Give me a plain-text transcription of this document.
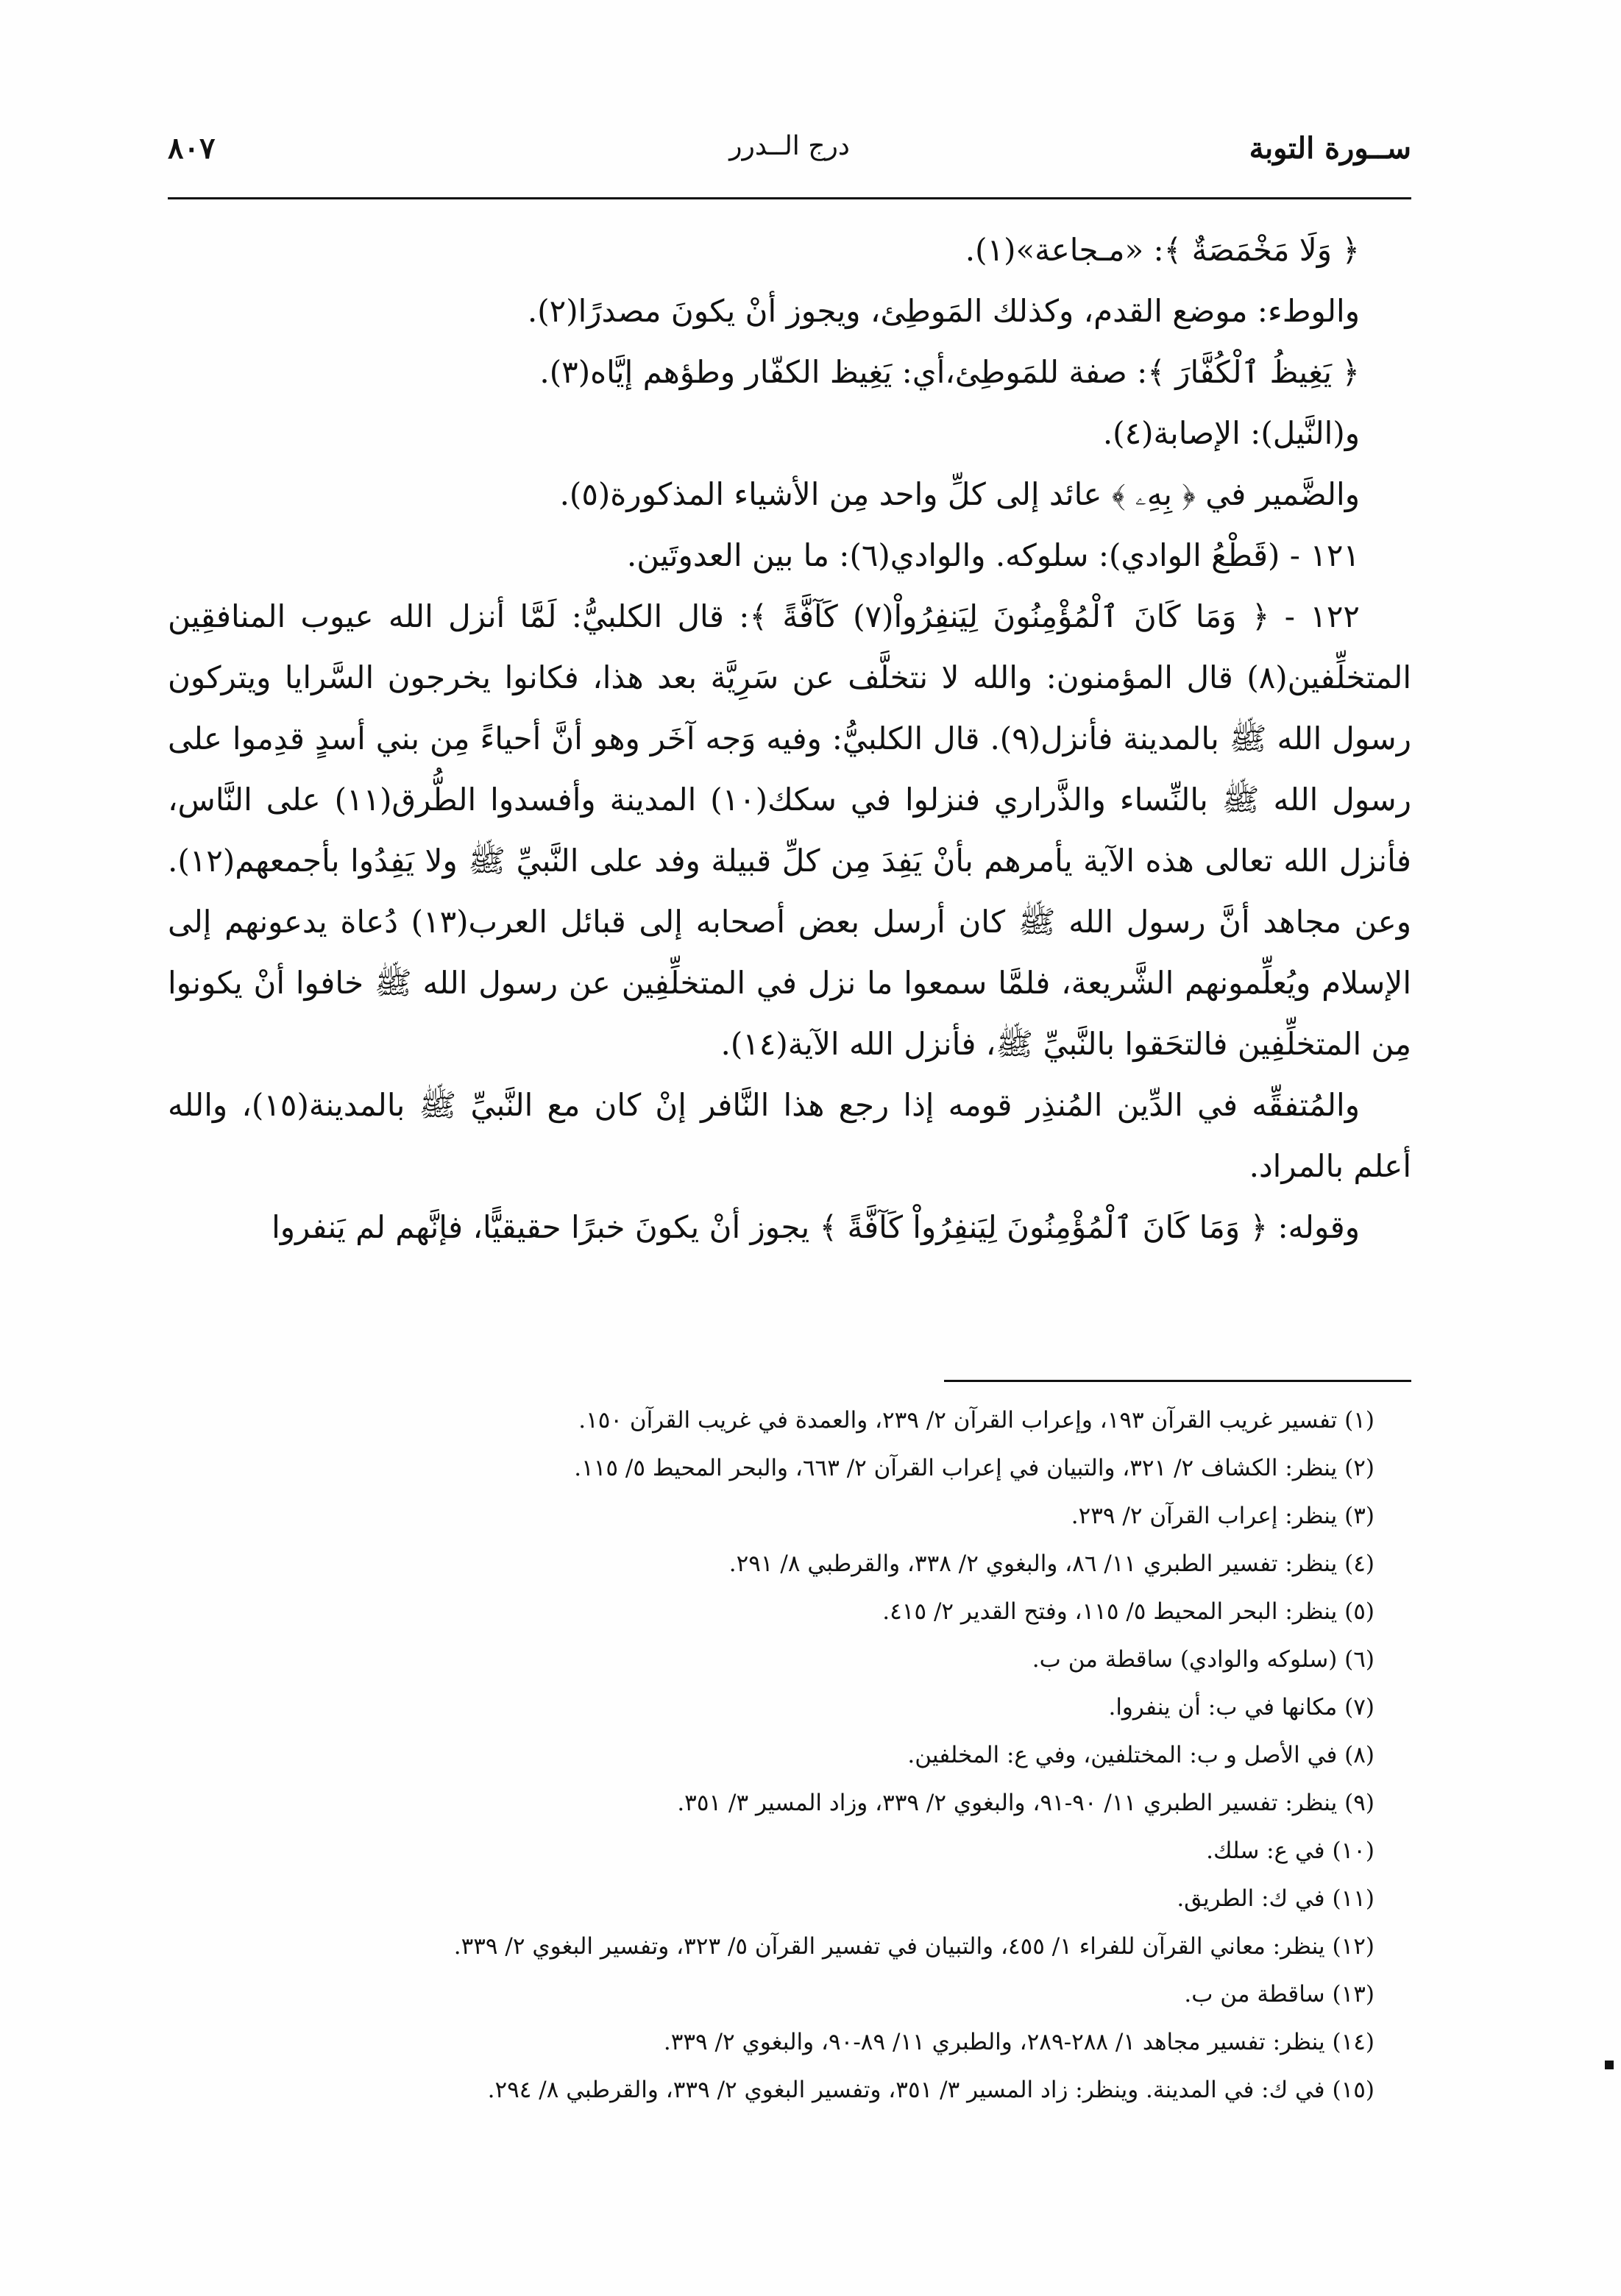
ســورة التوبة
درج الــدرر
٨٠٧

﴿ وَلَا مَخْمَصَةٌ ﴾: «مـجاعة»(١).

والوطء: موضع القدم، وكذلك المَوطِئ، ويجوز أنْ يكونَ مصدرًا(٢).

﴿ يَغِيظُ ٱلْكُفَّارَ ﴾: صفة للمَوطِئ،أي: يَغِيظ الكفّار وطؤهم إيَّاه(٣).

و(النَّيل): الإصابة(٤).

والضَّمير في ﴿ بِهِۦ ﴾ عائد إلى كلِّ واحد مِن الأشياء المذكورة(٥).

١٢١ - (قَطْعُ الوادي): سلوكه. والوادي(٦): ما بين العدوتَين.

١٢٢ - ﴿ وَمَا كَانَ ٱلْمُؤْمِنُونَ لِيَنفِرُواْ(٧) كَآفَّةً ﴾: قال الكلبيُّ: لَمَّا أنزل الله عيوب المنافقِين المتخلِّفين(٨) قال المؤمنون: والله لا نتخلَّف عن سَرِيَّة بعد هذا، فكانوا يخرجون السَّرايا ويتركون رسول الله ﷺ بالمدينة فأنزل(٩). قال الكلبيُّ: وفيه وَجه آخَر وهو أنَّ أحياءً مِن بني أسدٍ قدِموا على رسول الله ﷺ بالنِّساء والذَّراري فنزلوا في سكك(١٠) المدينة وأفسدوا الطُّرق(١١) على النَّاس، فأنزل الله تعالى هذه الآية يأمرهم بأنْ يَفِدَ مِن كلِّ قبيلة وفد على النَّبيِّ ﷺ ولا يَفِدُوا بأجمعهم(١٢). وعن مجاهد أنَّ رسول الله ﷺ كان أرسل بعض أصحابه إلى قبائل العرب(١٣) دُعاة يدعونهم إلى الإسلام ويُعلِّمونهم الشَّريعة، فلمَّا سمعوا ما نزل في المتخلِّفِين عن رسول الله ﷺ خافوا أنْ يكونوا مِن المتخلِّفِين فالتحَقوا بالنَّبيِّ ﷺ، فأنزل الله الآية(١٤).

والمُتفقِّه في الدِّين المُنذِر قومه إذا رجع هذا النَّافر إنْ كان مع النَّبيِّ ﷺ بالمدينة(١٥)، والله أعلم بالمراد.

وقوله: ﴿ وَمَا كَانَ ٱلْمُؤْمِنُونَ لِيَنفِرُواْ كَآفَّةً ﴾ يجوز أنْ يكونَ خبرًا حقيقيًّا، فإنَّهم لم يَنفروا

(١) تفسير غريب القرآن ١٩٣، وإعراب القرآن ٢/ ٢٣٩، والعمدة في غريب القرآن ١٥٠.
(٢) ينظر: الكشاف ٢/ ٣٢١، والتبيان في إعراب القرآن ٢/ ٦٦٣، والبحر المحيط ٥/ ١١٥.
(٣) ينظر: إعراب القرآن ٢/ ٢٣٩.
(٤) ينظر: تفسير الطبري ١١/ ٨٦، والبغوي ٢/ ٣٣٨، والقرطبي ٨/ ٢٩١.
(٥) ينظر: البحر المحيط ٥/ ١١٥، وفتح القدير ٢/ ٤١٥.
(٦) (سلوكه والوادي) ساقطة من ب.
(٧) مكانها في ب: أن ينفروا.
(٨) في الأصل و ب: المختلفين، وفي ع: المخلفين.
(٩) ينظر: تفسير الطبري ١١/ ٩٠-٩١، والبغوي ٢/ ٣٣٩، وزاد المسير ٣/ ٣٥١.
(١٠) في ع: سلك.
(١١) في ك: الطريق.
(١٢) ينظر: معاني القرآن للفراء ١/ ٤٥٥، والتبيان في تفسير القرآن ٥/ ٣٢٣، وتفسير البغوي ٢/ ٣٣٩.
(١٣) ساقطة من ب.
(١٤) ينظر: تفسير مجاهد ١/ ٢٨٨-٢٨٩، والطبري ١١/ ٨٩-٩٠، والبغوي ٢/ ٣٣٩.
(١٥) في ك: في المدينة. وينظر: زاد المسير ٣/ ٣٥١، وتفسير البغوي ٢/ ٣٣٩، والقرطبي ٨/ ٢٩٤.
